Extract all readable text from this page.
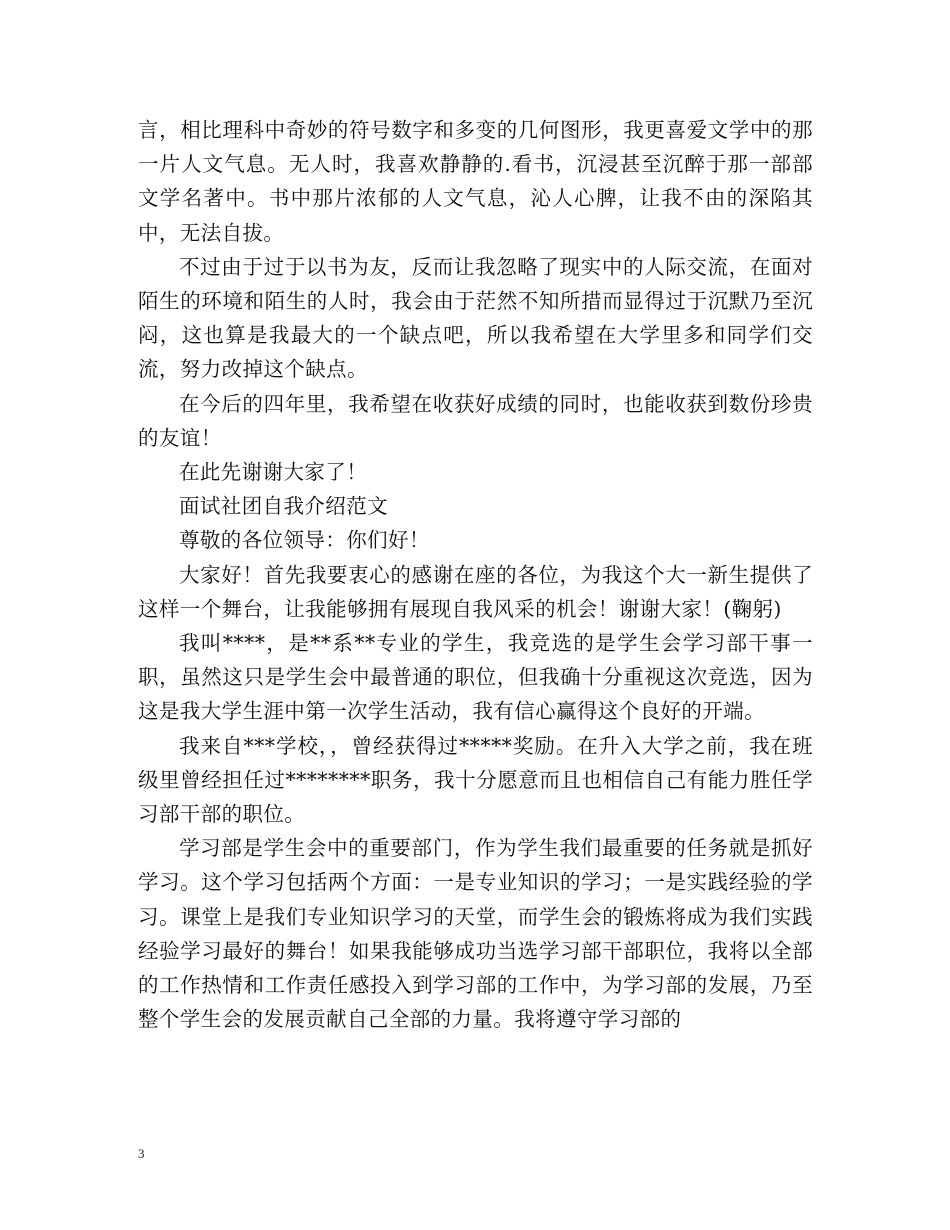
言，相比理科中奇妙的符号数字和多变的几何图形，我更喜爱文学中的那一片人文气息。无人时，我喜欢静静的.看书，沉浸甚至沉醉于那一部部文学名著中。书中那片浓郁的人文气息，沁人心脾，让我不由的深陷其中，无法自拔。

不过由于过于以书为友，反而让我忽略了现实中的人际交流，在面对陌生的环境和陌生的人时，我会由于茫然不知所措而显得过于沉默乃至沉闷，这也算是我最大的一个缺点吧，所以我希望在大学里多和同学们交流，努力改掉这个缺点。

在今后的四年里，我希望在收获好成绩的同时，也能收获到数份珍贵的友谊！

在此先谢谢大家了！

面试社团自我介绍范文

尊敬的各位领导：你们好！

大家好！首先我要衷心的感谢在座的各位，为我这个大一新生提供了这样一个舞台，让我能够拥有展现自我风采的机会！谢谢大家！(鞠躬)

我叫****，是**系**专业的学生，我竞选的是学生会学习部干事一职，虽然这只是学生会中最普通的职位，但我确十分重视这次竞选，因为这是我大学生涯中第一次学生活动，我有信心赢得这个良好的开端。

我来自***学校，，曾经获得过*****奖励。在升入大学之前，我在班级里曾经担任过********职务，我十分愿意而且也相信自己有能力胜任学习部干部的职位。

学习部是学生会中的重要部门，作为学生我们最重要的任务就是抓好学习。这个学习包括两个方面：一是专业知识的学习；一是实践经验的学习。课堂上是我们专业知识学习的天堂，而学生会的锻炼将成为我们实践经验学习最好的舞台！如果我能够成功当选学习部干部职位，我将以全部的工作热情和工作责任感投入到学习部的工作中，为学习部的发展，乃至整个学生会的发展贡献自己全部的力量。我将遵守学习部的

3
